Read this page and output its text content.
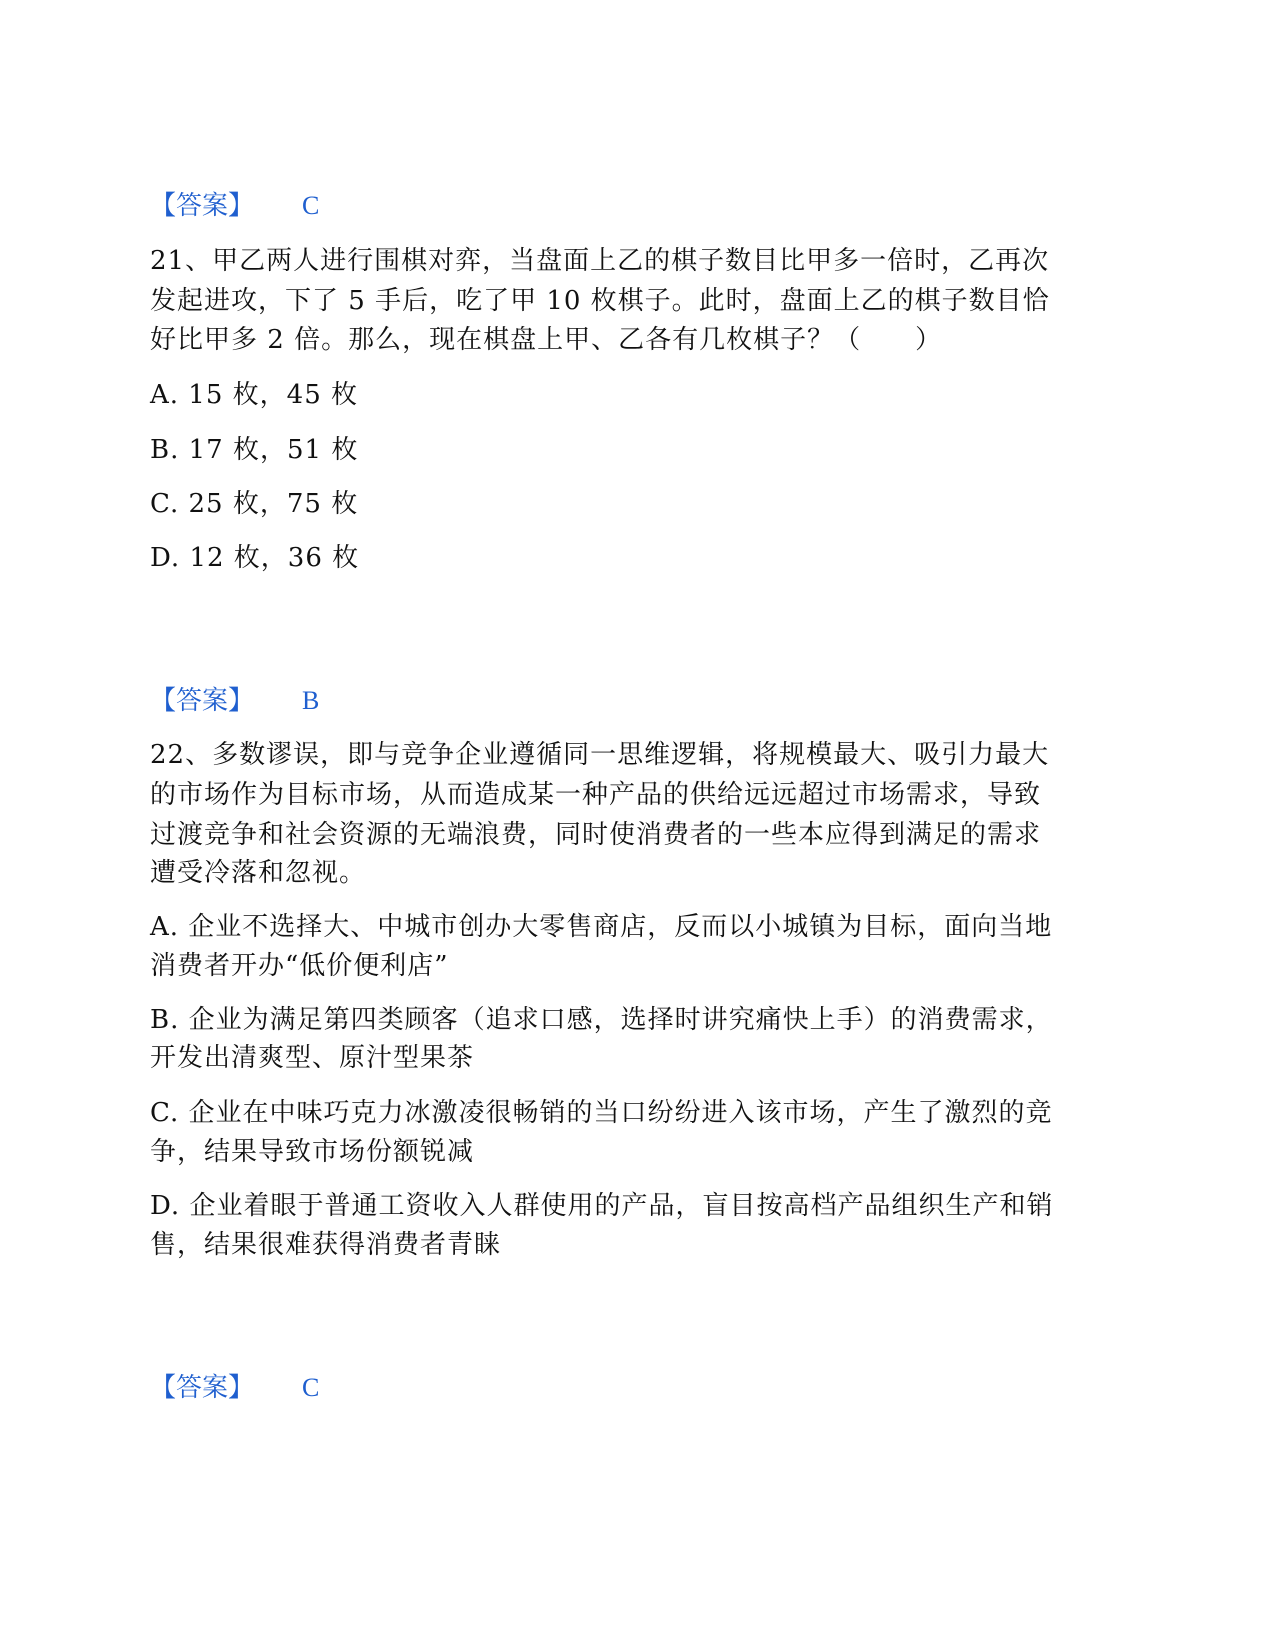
【答案】 C
21、甲乙两人进行围棋对弈，当盘面上乙的棋子数目比甲多一倍时，乙再次
发起进攻，下了 5 手后，吃了甲 10 枚棋子。此时，盘面上乙的棋子数目恰
好比甲多 2 倍。那么，现在棋盘上甲、乙各有几枚棋子？（　　）
A. 15 枚，45 枚
B. 17 枚，51 枚
C. 25 枚，75 枚
D. 12 枚，36 枚
【答案】 B
22、多数谬误，即与竞争企业遵循同一思维逻辑，将规模最大、吸引力最大
的市场作为目标市场，从而造成某一种产品的供给远远超过市场需求，导致
过渡竞争和社会资源的无端浪费，同时使消费者的一些本应得到满足的需求
遭受冷落和忽视。
A. 企业不选择大、中城市创办大零售商店，反而以小城镇为目标，面向当地
消费者开办“低价便利店”
B. 企业为满足第四类顾客（追求口感，选择时讲究痛快上手）的消费需求，
开发出清爽型、原汁型果茶
C. 企业在中味巧克力冰激凌很畅销的当口纷纷进入该市场，产生了激烈的竞
争，结果导致市场份额锐减
D. 企业着眼于普通工资收入人群使用的产品，盲目按高档产品组织生产和销
售，结果很难获得消费者青睐
【答案】 C
